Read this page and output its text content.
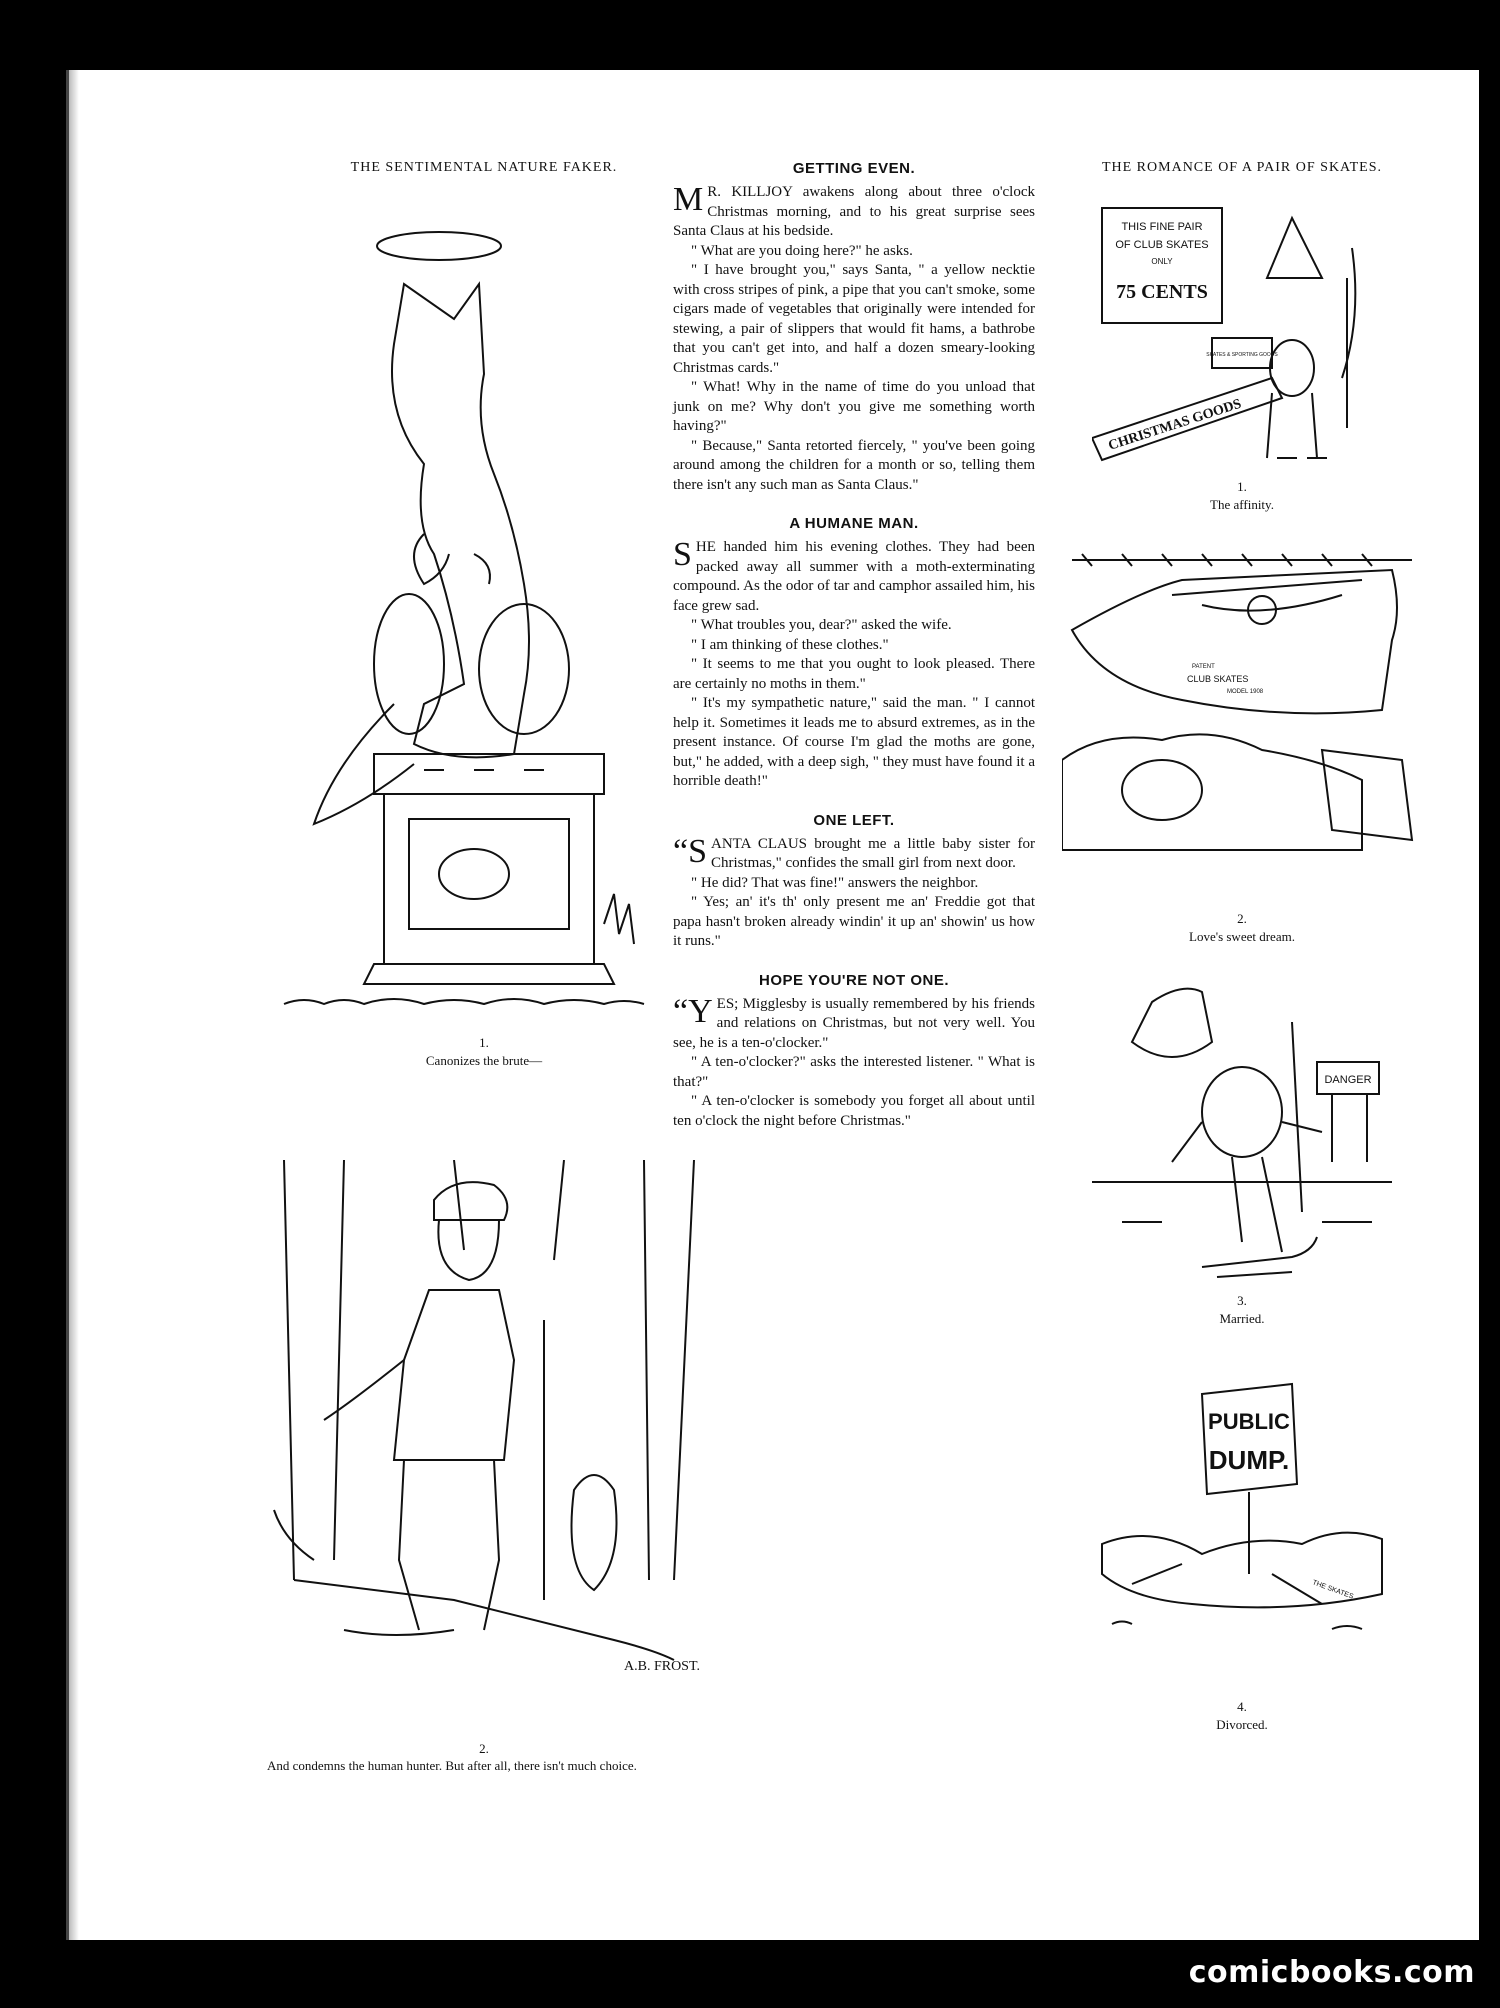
THE SENTIMENTAL NATURE FAKER.
1.
Canonizes the brute—
A.B. FROST.
2.
And condemns the human hunter. But after all, there isn't much choice.
GETTING EVEN.

M R. KILLJOY awakens along about three o'clock Christmas morning, and to his great surprise sees Santa Claus at his bedside.

" What are you doing here?" he asks.

" I have brought you," says Santa, " a yellow necktie with cross stripes of pink, a pipe that you can't smoke, some cigars made of vegetables that originally were intended for stewing, a pair of slippers that would fit hams, a bathrobe that you can't get into, and half a dozen smeary-looking Christmas cards."

" What! Why in the name of time do you unload that junk on me? Why don't you give me something worth having?"

" Because," Santa retorted fiercely, " you've been going around among the children for a month or so, telling them there isn't any such man as Santa Claus."

A HUMANE MAN.

SHE handed him his evening clothes. They had been packed away all summer with a moth-exterminating compound. As the odor of tar and camphor assailed him, his face grew sad.

" What troubles you, dear?" asked the wife.

" I am thinking of these clothes."

" It seems to me that you ought to look pleased. There are certainly no moths in them."

" It's my sympathetic nature," said the man. " I cannot help it. Sometimes it leads me to absurd extremes, as in the present instance. Of course I'm glad the moths are gone, but," he added, with a deep sigh, " they must have found it a horrible death!"

ONE LEFT.

“SANTA CLAUS brought me a little baby sister for Christmas," confides the small girl from next door.

" He did? That was fine!" answers the neighbor.

" Yes; an' it's th' only present me an' Freddie got that papa hasn't broken already windin' it up an' showin' us how it runs."

HOPE YOU'RE NOT ONE.

“YES; Migglesby is usually remembered by his friends and relations on Christmas, but not very well. You see, he is a ten-o'clocker."

" A ten-o'clocker?" asks the interested listener. " What is that?"

" A ten-o'clocker is somebody you forget all about until ten o'clock the night before Christmas."

THE ROMANCE OF A PAIR OF SKATES.
THIS FINE PAIR
OF CLUB SKATES
ONLY
75 CENTS
SKATES & SPORTING GOODS
CHRISTMAS GOODS
1.
The affinity.
PATENT
CLUB SKATES
MODEL 1908
2.
Love's sweet dream.
DANGER
3.
Married.
PUBLIC
DUMP.
THE SKATES
4.
Divorced.
comicbooks.com
